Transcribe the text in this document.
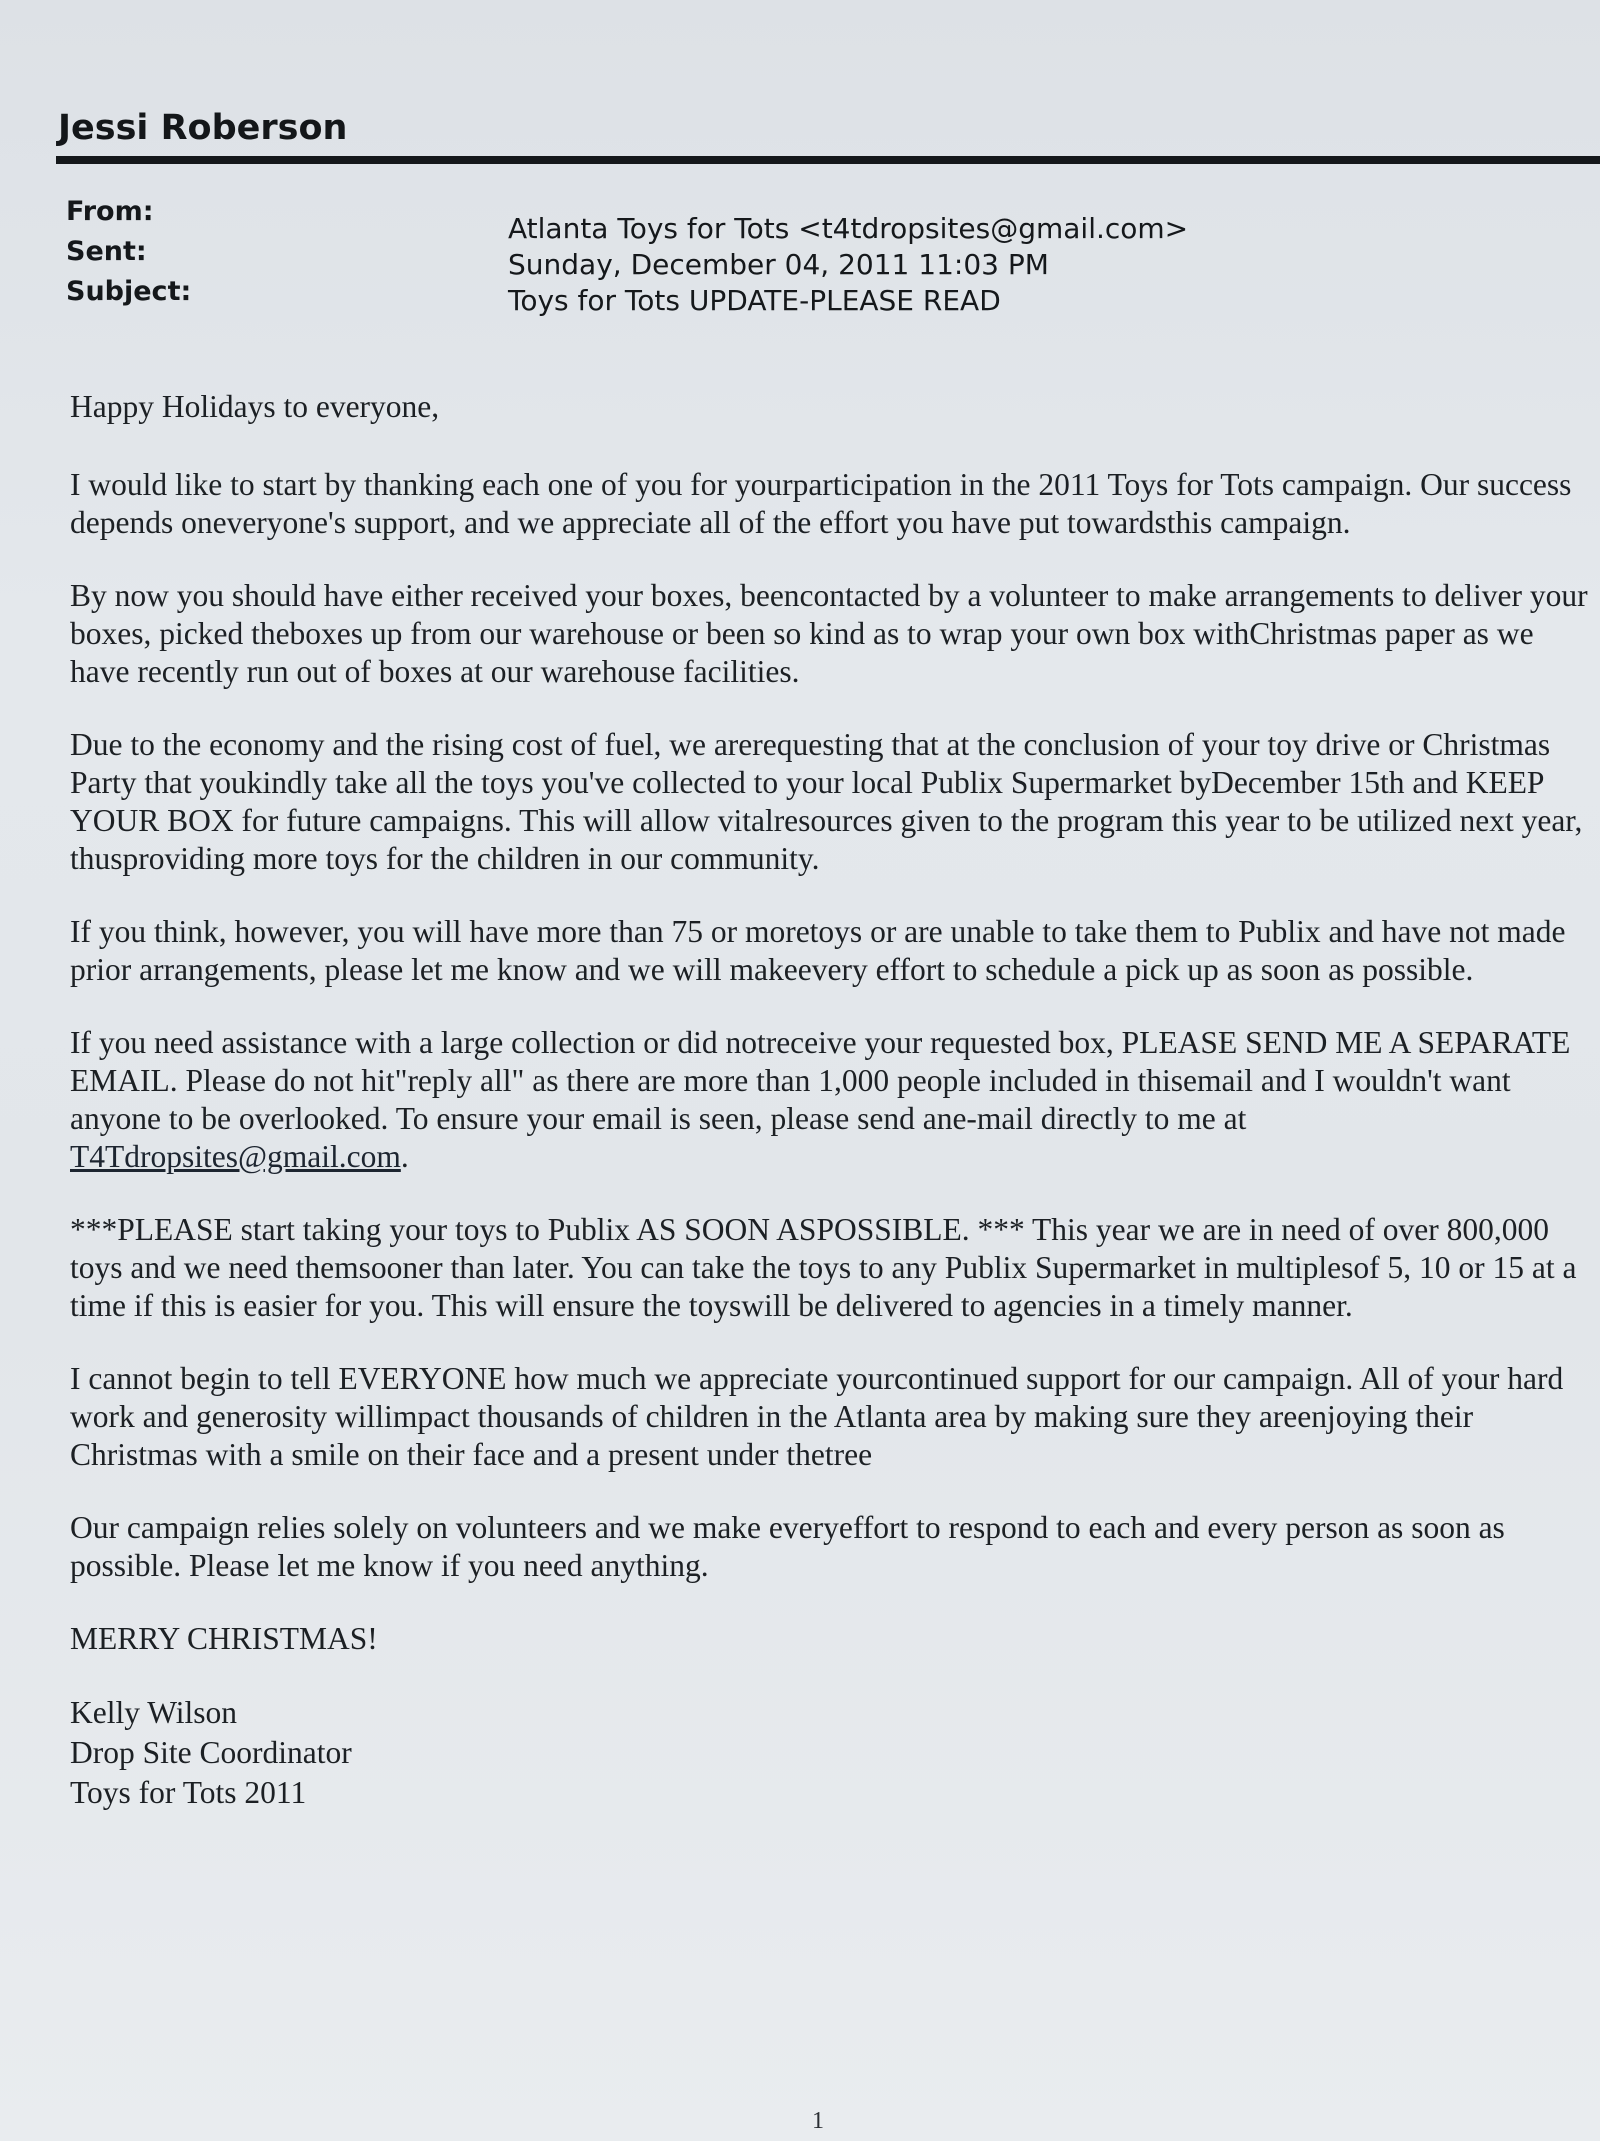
Jessi Roberson
From:
Atlanta Toys for Tots <t4tdropsites@gmail.com>
Sent:	Sunday, December 04, 2011 11:03 PM
Subject:	Toys for Tots UPDATE-PLEASE READ

Happy Holidays to everyone,

I would like to start by thanking each one of you for yourparticipation in the 2011 Toys for Tots campaign. Our success depends oneveryone's support, and we appreciate all of the effort you have put towardsthis campaign.

By now you should have either received your boxes, beencontacted by a volunteer to make arrangements to deliver your boxes, picked theboxes up from our warehouse or been so kind as to wrap your own box withChristmas paper as we have recently run out of boxes at our warehouse facilities.

Due to the economy and the rising cost of fuel, we arerequesting that at the conclusion of your toy drive or Christmas Party that youkindly take all the toys you've collected to your local Publix Supermarket byDecember 15th and KEEP YOUR BOX for future campaigns. This will allow vitalresources given to the program this year to be utilized next year, thusproviding more toys for the children in our community.

If you think, however, you will have more than 75 or moretoys or are unable to take them to Publix and have not made prior arrangements, please let me know and we will makeevery effort to schedule a pick up as soon as possible.

If you need assistance with a large collection or did notreceive your requested box, PLEASE SEND ME A SEPARATE EMAIL. Please do not hit"reply all" as there are more than 1,000 people included in thisemail and I wouldn't want anyone to be overlooked. To ensure your email is seen, please send ane-mail directly to me at T4Tdropsites@gmail.com.

***PLEASE start taking your toys to Publix AS SOON ASPOSSIBLE. *** This year we are in need of over 800,000 toys and we need themsooner than later. You can take the toys to any Publix Supermarket in multiplesof 5, 10 or 15 at a time if this is easier for you. This will ensure the toyswill be delivered to agencies in a timely manner.

I cannot begin to tell EVERYONE how much we appreciate yourcontinued support for our campaign. All of your hard work and generosity willimpact thousands of children in the Atlanta area by making sure they areenjoying their Christmas with a smile on their face and a present under thetree

Our campaign relies solely on volunteers and we make everyeffort to respond to each and every person as soon as possible. Please let me know if you need anything.

MERRY CHRISTMAS!

Kelly Wilson
Drop Site Coordinator
Toys for Tots 2011
1
